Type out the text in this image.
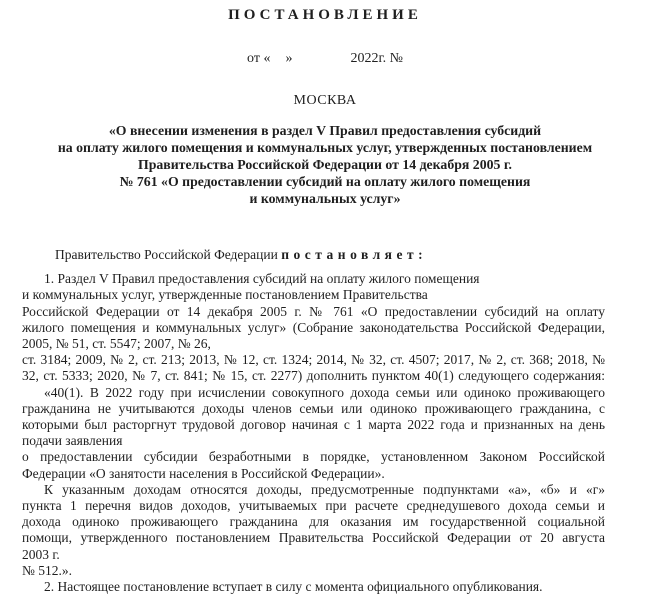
ПОСТАНОВЛЕНИЕ
от « »	2022г. №
МОСКВА
«О внесении изменения в раздел V Правил предоставления субсидий
на оплату жилого помещения и коммунальных услуг, утвержденных постановлением
Правительства Российской Федерации от 14 декабря 2005 г.
№ 761 «О предоставлении субсидий на оплату жилого помещения
и коммунальных услуг»
Правительство Российской Федерации постановляет:
1. Раздел V Правил предоставления субсидий на оплату жилого помещения
и коммунальных услуг, утвержденные постановлением Правительства
Российской Федерации от 14 декабря 2005 г. № 761 «О предоставлении субсидий на оплату
жилого помещения и коммунальных услуг» (Собрание законодательства Российской Федерации,
2005, № 51, ст. 5547; 2007, № 26,
ст. 3184; 2009, № 2, ст. 213; 2013, № 12, ст. 1324; 2014, № 32, ст. 4507; 2017, № 2, ст. 368; 2018, №
32, ст. 5333; 2020, № 7, ст. 841; № 15, ст. 2277) дополнить пунктом 40(1) следующего содержания:
«40(1). В 2022 году при исчислении совокупного дохода семьи или одиноко проживающего
гражданина не учитываются доходы членов семьи или одиноко проживающего гражданина, с
которыми был расторгнут трудовой договор начиная с 1 марта 2022 года и признанных на день
подачи заявления
о предоставлении субсидии безработными в порядке, установленном Законом Российской
Федерации «О занятости населения в Российской Федерации».
К указанным доходам относятся доходы, предусмотренные подпунктами «а», «б» и «г»
пункта 1 перечня видов доходов, учитываемых при расчете среднедушевого дохода семьи и
дохода одиноко проживающего гражданина для оказания им государственной социальной
помощи, утвержденного постановлением Правительства Российской Федерации от 20 августа
2003 г.
№ 512.».
2. Настоящее постановление вступает в силу с момента официального опубликования.
